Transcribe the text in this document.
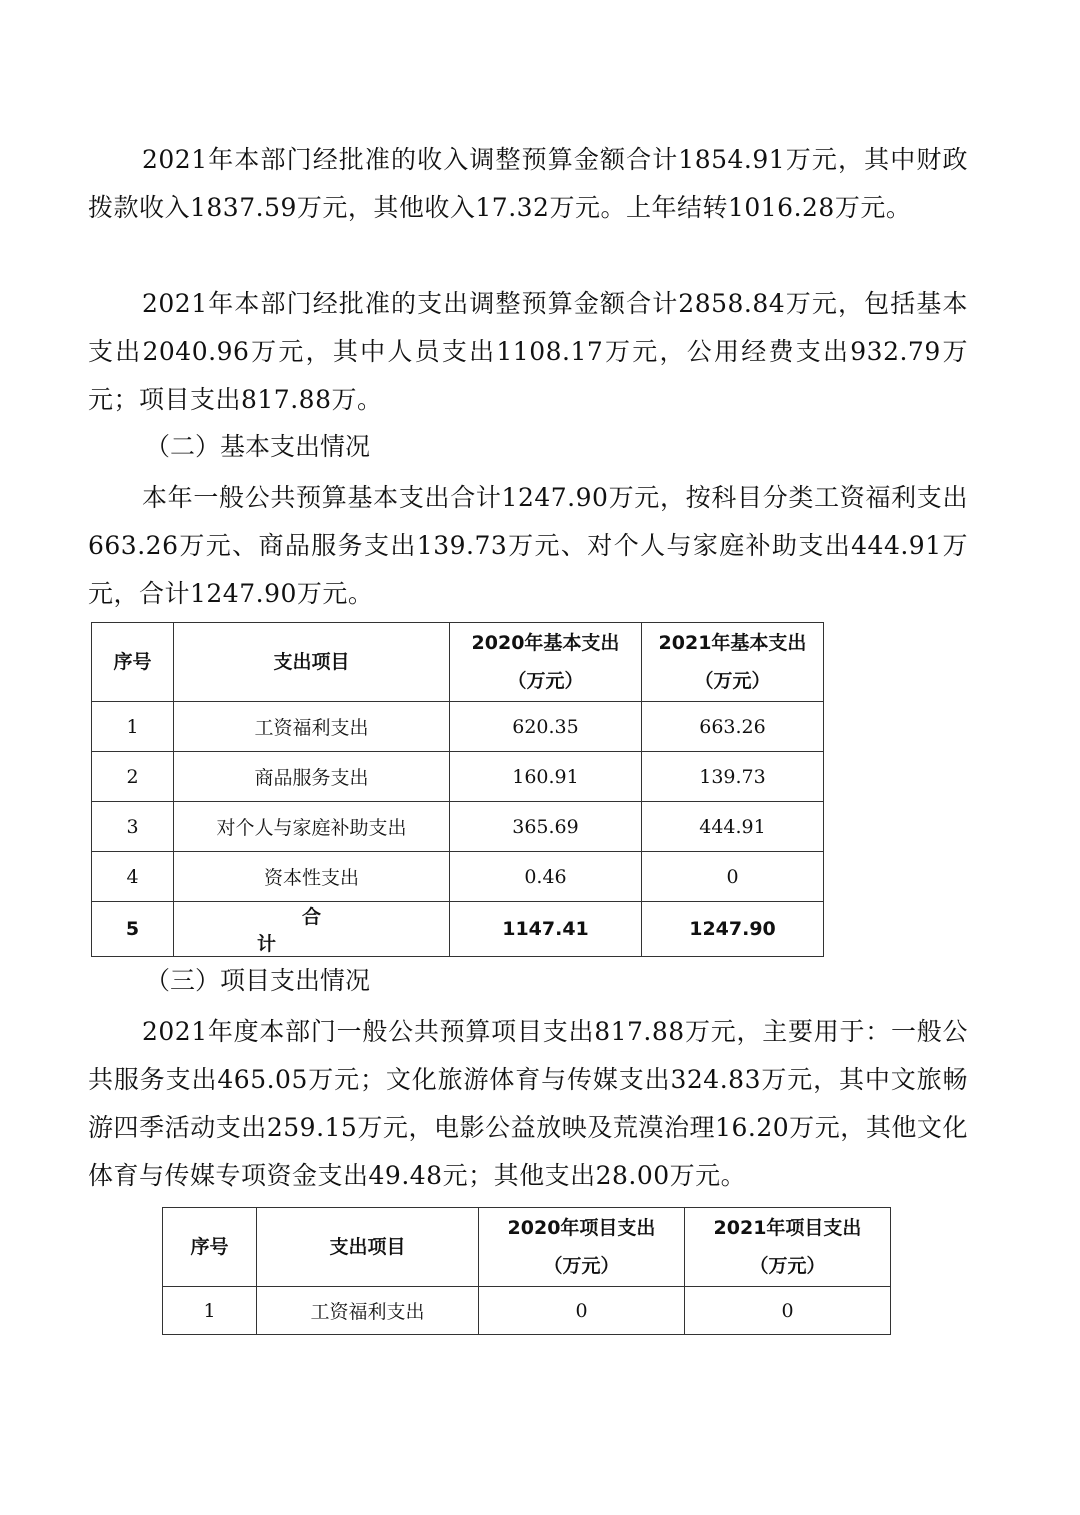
2021年本部门经批准的收入调整预算金额合计1854.91万元，其中财政拨款收入1837.59万元，其他收入17.32万元。上年结转1016.28万元。

2021年本部门经批准的支出调整预算金额合计2858.84万元，包括基本支出2040.96万元，其中人员支出1108.17万元，公用经费支出932.79万元；项目支出817.88万。

（二）基本支出情况

本年一般公共预算基本支出合计1247.90万元，按科目分类工资福利支出663.26万元、商品服务支出139.73万元、对个人与家庭补助支出444.91万元，合计1247.90万元。

序号	支出项目	2020年基本支出
（万元）	2021年基本支出
（万元）
1	工资福利支出	620.35	663.26
2	商品服务支出	160.91	139.73
3	对个人与家庭补助支出	365.69	444.91
4	资本性支出	0.46	0
5	合计	1147.41	1247.90

（三）项目支出情况

2021年度本部门一般公共预算项目支出817.88万元，主要用于：一般公共服务支出465.05万元；文化旅游体育与传媒支出324.83万元，其中文旅畅游四季活动支出259.15万元，电影公益放映及荒漠治理16.20万元，其他文化体育与传媒专项资金支出49.48元；其他支出28.00万元。

序号	支出项目	2020年项目支出
（万元）	2021年项目支出
（万元）
1	工资福利支出	0	0
